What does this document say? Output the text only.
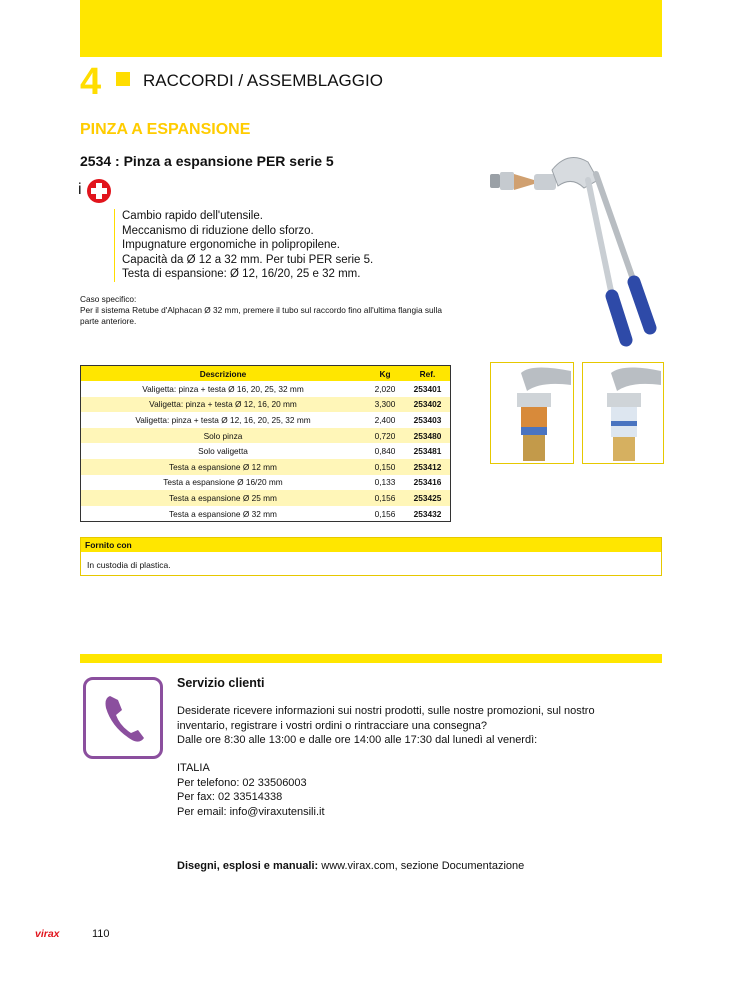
4 RACCORDI / ASSEMBLAGGIO
PINZA A ESPANSIONE
2534 : Pinza a espansione PER serie 5
i
Cambio rapido dell'utensile.
Meccanismo di riduzione dello sforzo.
Impugnature ergonomiche in polipropilene.
Capacità da Ø 12 a 32 mm. Per tubi PER serie 5.
Testa di espansione: Ø 12, 16/20, 25 e 32 mm.
Caso specifico:
Per il sistema Retube d'Alphacan Ø 32 mm, premere il tubo sul raccordo fino all'ultima flangia sulla parte anteriore.
Descrizione	Kg	Ref.
Valigetta: pinza + testa Ø 16, 20, 25, 32 mm	2,020	253401
Valigetta: pinza + testa Ø 12, 16, 20 mm	3,300	253402
Valigetta: pinza + testa Ø 12, 16, 20, 25, 32 mm	2,400	253403
Solo pinza	0,720	253480
Solo valigetta	0,840	253481
Testa a espansione Ø 12 mm	0,150	253412
Testa a espansione Ø 16/20 mm	0,133	253416
Testa a espansione Ø 25 mm	0,156	253425
Testa a espansione Ø 32 mm	0,156	253432
Fornito con
In custodia di plastica.
Servizio clienti
Desiderate ricevere informazioni sui nostri prodotti, sulle nostre promozioni, sul nostro
inventario, registrare i vostri ordini o rintracciare una consegna?
Dalle ore 8:30 alle 13:00 e dalle ore 14:00 alle 17:30 dal lunedì al venerdì:
ITALIA
Per telefono: 02 33506003
Per fax: 02 33514338
Per email: info@viraxutensili.it
Disegni, esplosi e manuali: www.virax.com, sezione Documentazione
virax	110
